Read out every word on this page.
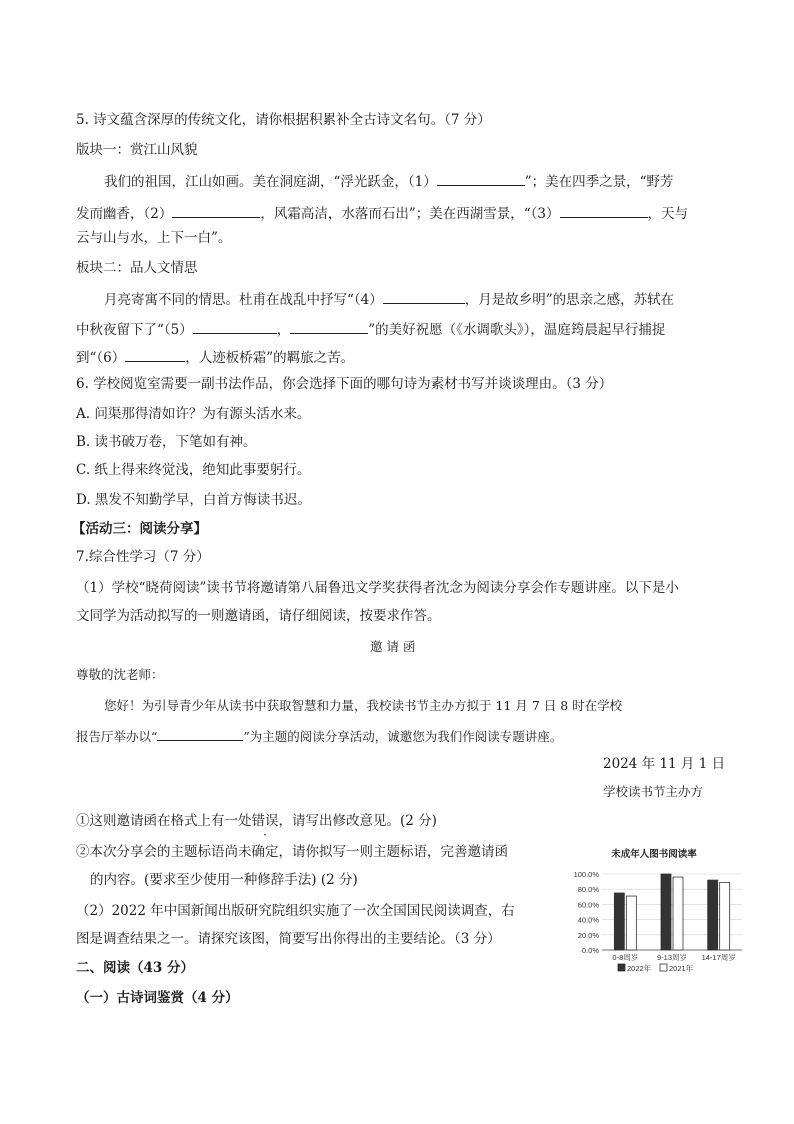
5. 诗文蕴含深厚的传统文化，请你根据积累补全古诗文名句。（7 分）
版块一：赏江山风貌
我们的祖国，江山如画。美在洞庭湖，“浮光跃金，（1）	”；美在四季之景，“野芳
发而幽香，（2）	，风霜高洁，水落而石出”；美在西湖雪景，“（3）	，天与
云与山与水，上下一白”。
板块二：品人文情思
月亮寄寓不同的情思。杜甫在战乱中抒写“（4）	，月是故乡明”的思亲之感，苏轼在
中秋夜留下了“（5）	，	”的美好祝愿（《水调歌头》），温庭筠晨起早行捕捉
到“（6）	，人迹板桥霜”的羁旅之苦。
6. 学校阅览室需要一副书法作品，你会选择下面的哪句诗为素材书写并谈谈理由。（3 分）
A. 问渠那得清如许？为有源头活水来。
B. 读书破万卷，下笔如有神。
C. 纸上得来终觉浅，绝知此事要躬行。
D. 黑发不知勤学早，白首方悔读书迟。
【活动三：阅读分享】
7.综合性学习（7 分）
（1）学校“晓荷阅读”读书节将邀请第八届鲁迅文学奖获得者沈念为阅读分享会作专题讲座。以下是小
文同学为活动拟写的一则邀请函，请仔细阅读，按要求作答。
邀 请 函
尊敬的沈老师：
您好！为引导青少年从读书中获取智慧和力量，我校读书节主办方拟于 11 月 7 日 8 时在学校
报告厅举办以“	”为主题的阅读分享活动，诚邀您为我们作阅读专题讲座。
2024 年 11 月 1 日
学校读书节主办方
①这则邀请函在格式上有一处错误，请写出修改意见。(2 分)
②本次分享会的主题标语尚未确定，请你拟写一则主题标语，完善邀请函
的内容。(要求至少使用一种修辞手法) (2 分)
（2）2022 年中国新闻出版研究院组织实施了一次全国国民阅读调查，右
图是调查结果之一。请探究该图，简要写出你得出的主要结论。（3 分）
二、阅读（43 分）
（一）古诗词鉴赏（4 分）
未成年人图书阅读率
0.0%
20.0%
40.0%
60.0%
80.0%
100.0%
0-8周岁 9-13周岁 14-17周岁
2022年 2021年
